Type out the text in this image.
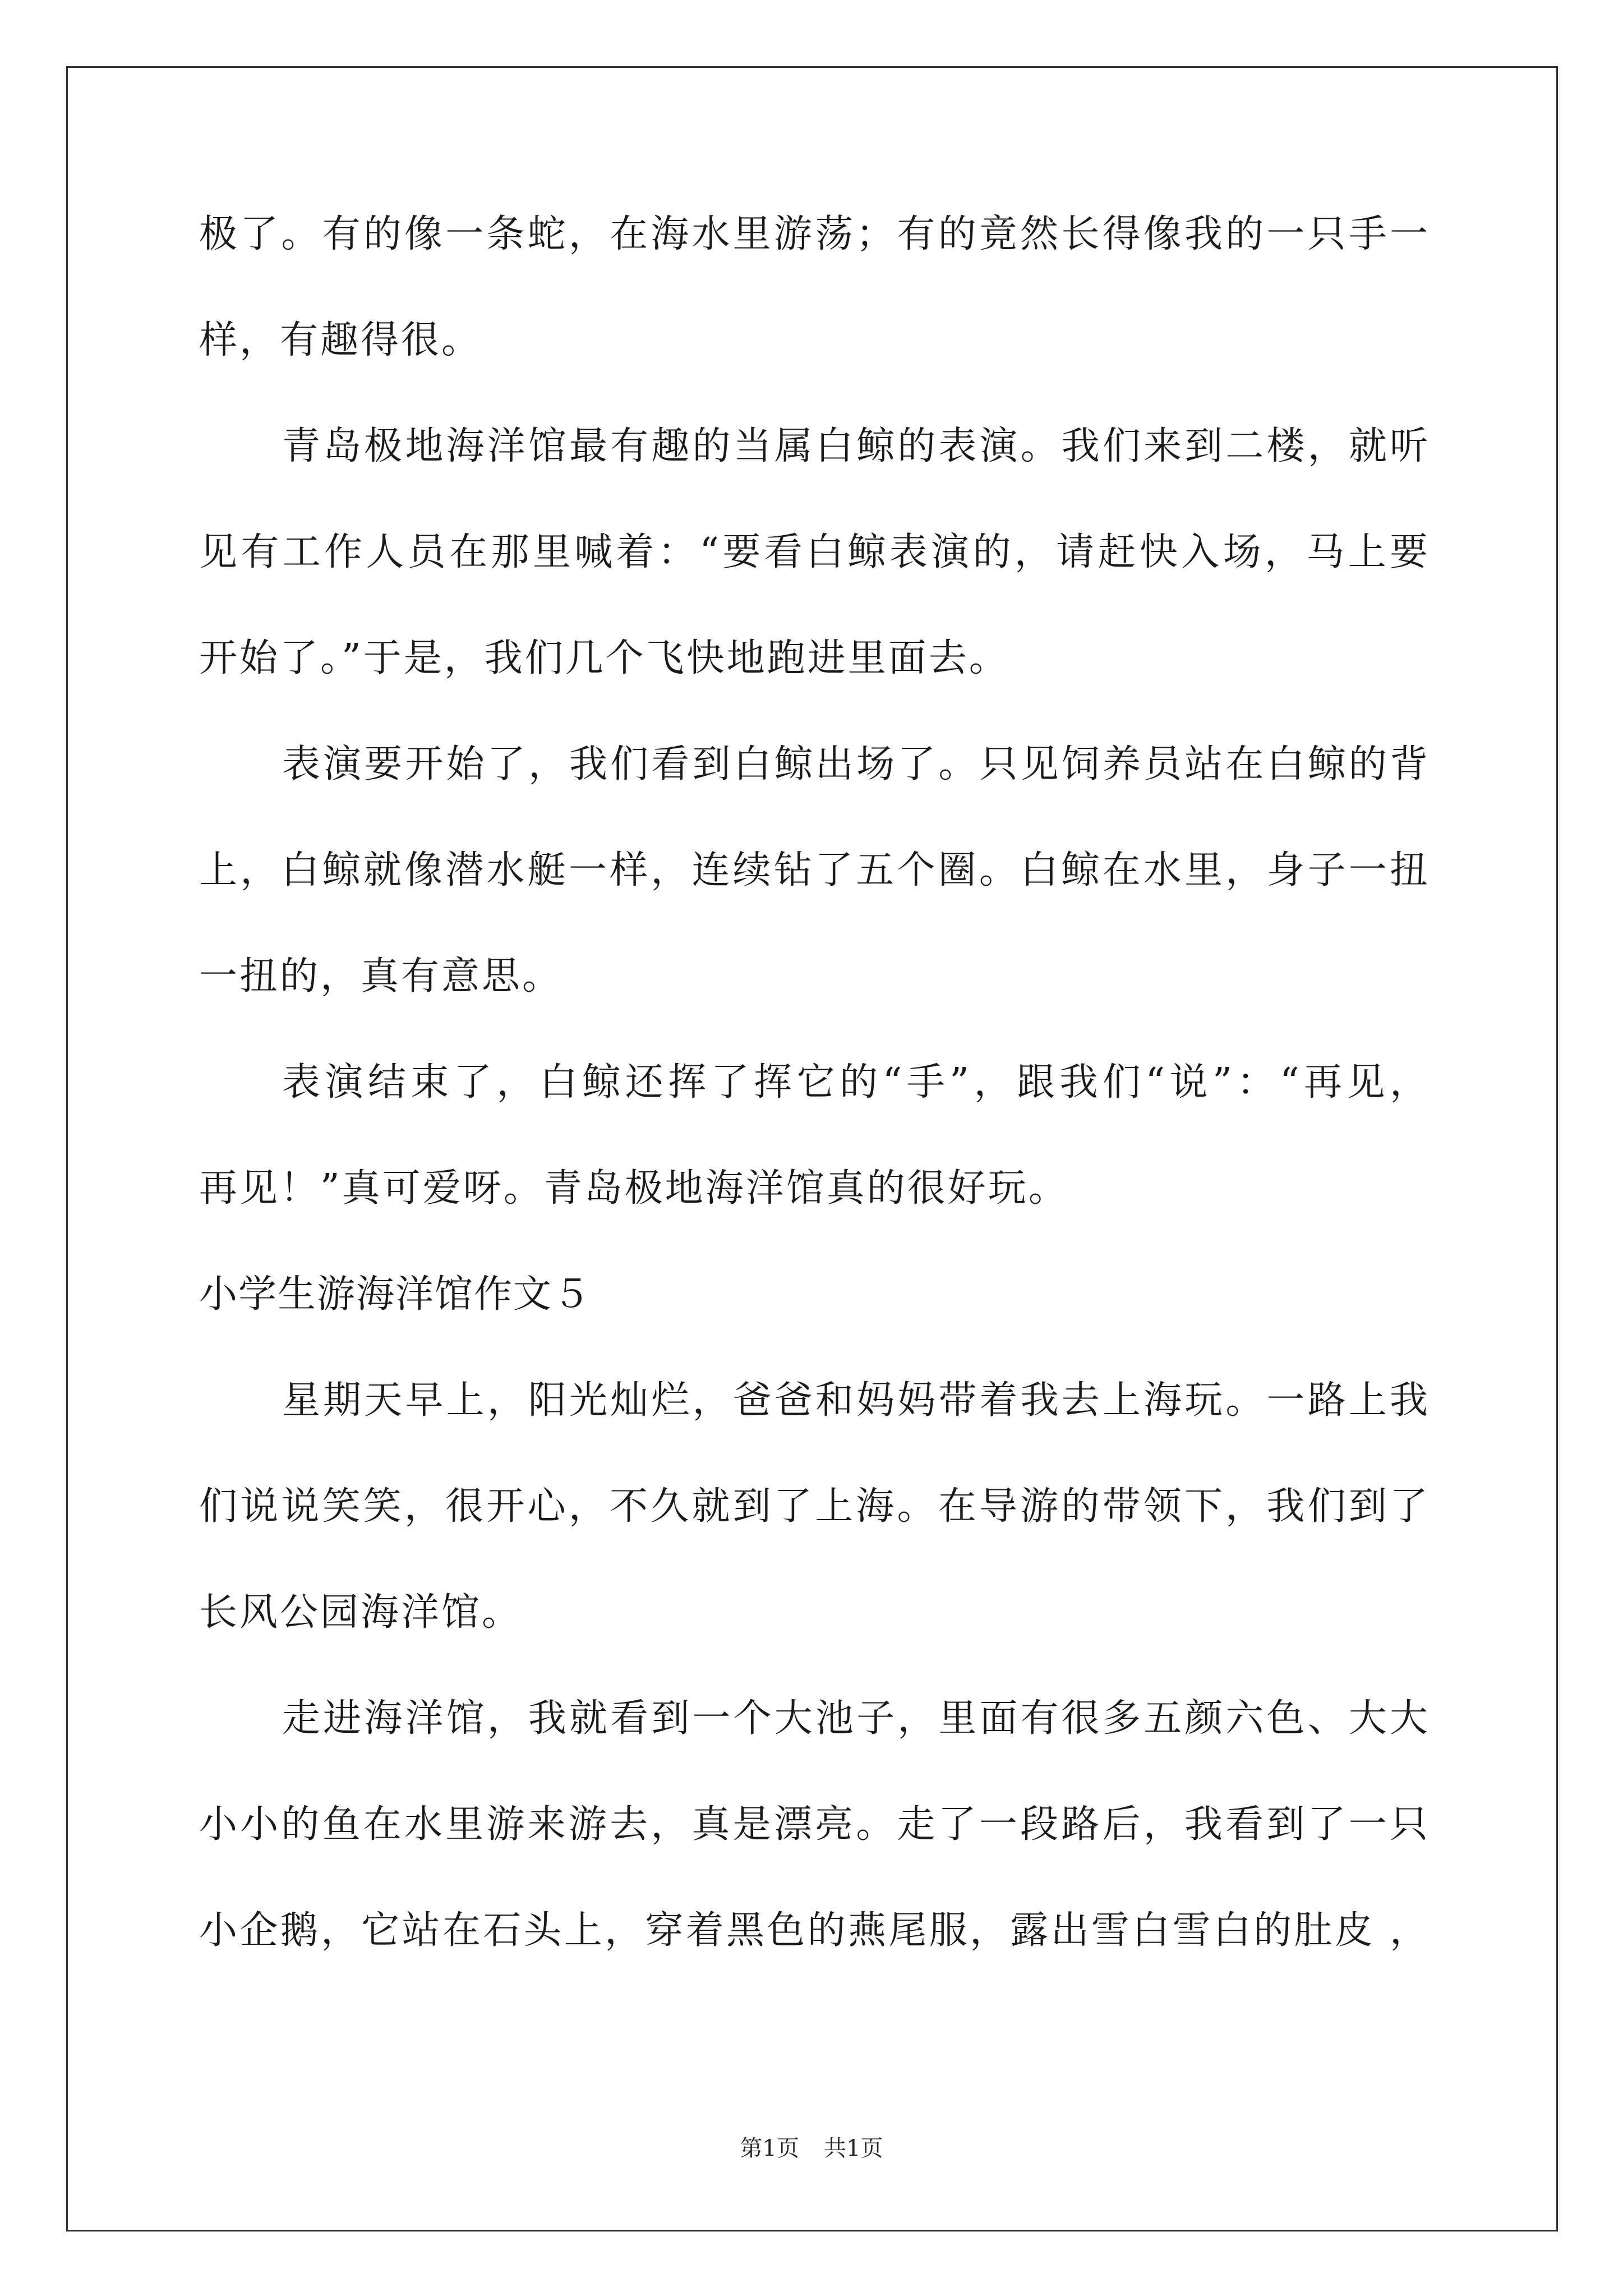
极了。有的像一条蛇，在海水里游荡；有的竟然长得像我的一只手一
样，有趣得很。
青岛极地海洋馆最有趣的当属白鲸的表演。我们来到二楼，就听
见有工作人员在那里喊着：“要看白鲸表演的，请赶快入场，马上要
开始了。”于是，我们几个飞快地跑进里面去。
表演要开始了，我们看到白鲸出场了。只见饲养员站在白鲸的背
上，白鲸就像潜水艇一样，连续钻了五个圈。白鲸在水里，身子一扭
一扭的，真有意思。
表演结束了，白鲸还挥了挥它的“手”，跟我们“说”：“再见，
再见！”真可爱呀。青岛极地海洋馆真的很好玩。
小学生游海洋馆作文５
星期天早上，阳光灿烂，爸爸和妈妈带着我去上海玩。一路上我
们说说笑笑，很开心，不久就到了上海。在导游的带领下，我们到了
长风公园海洋馆。
走进海洋馆，我就看到一个大池子，里面有很多五颜六色、大大
小小的鱼在水里游来游去，真是漂亮。走了一段路后，我看到了一只
小企鹅，它站在石头上，穿着黑色的燕尾服，露出雪白雪白的肚皮 ，
第1页 共1页
